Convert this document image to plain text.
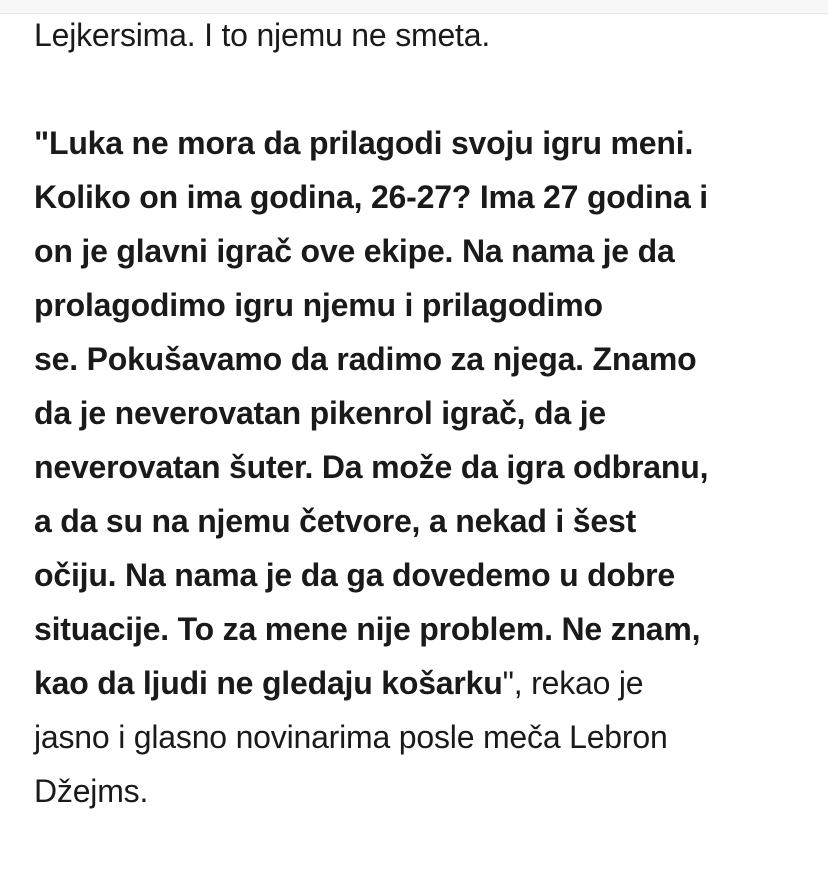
Lejkersima. I to njemu ne smeta.

"Luka ne mora da prilagodi svoju igru meni.
Koliko on ima godina, 26-27? Ima 27 godina i
on je glavni igrač ove ekipe. Na nama je da
prolagodimo igru njemu i prilagodimo
se. Pokušavamo da radimo za njega. Znamo
da je neverovatan pikenrol igrač, da je
neverovatan šuter. Da može da igra odbranu,
a da su na njemu četvore, a nekad i šest
očiju. Na nama je da ga dovedemo u dobre
situacije. To za mene nije problem. Ne znam,
kao da ljudi ne gledaju košarku", rekao je
jasno i glasno novinarima posle meča Lebron
Džejms.
